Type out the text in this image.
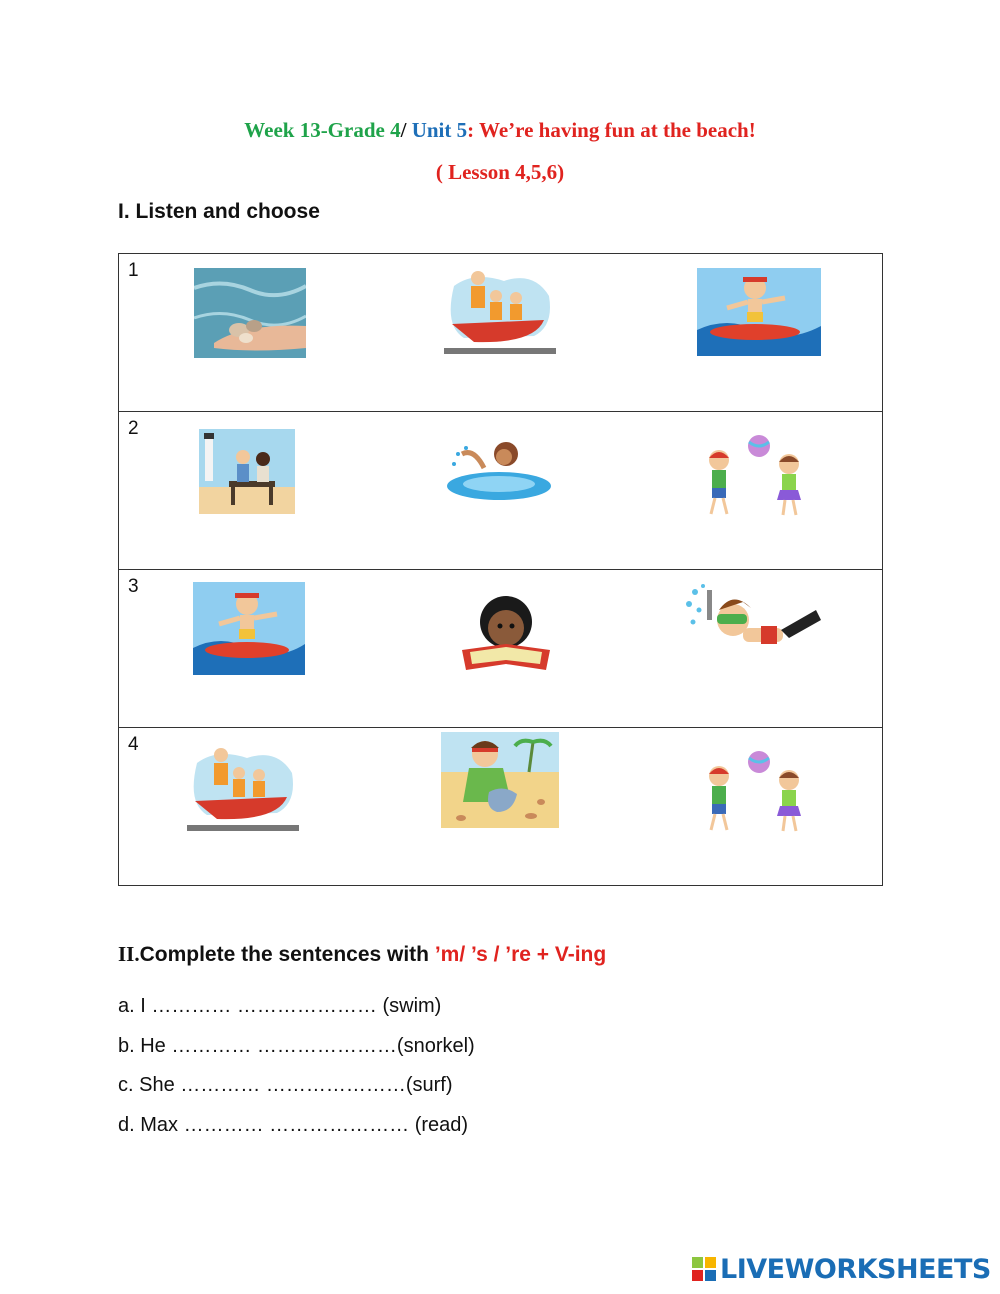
Week 13-Grade 4/ Unit 5: We’re having fun at the beach!
( Lesson 4,5,6)
I. Listen and choose
1

2

3

4
II.Complete the sentences with ’m/ ’s / ’re + V-ing
a. I ………… ………………… (swim)
b. He ………… …………………(snorkel)
c. She ………… …………………(surf)
d. Max ………… ………………… (read)
LIVEWORKSHEETS
